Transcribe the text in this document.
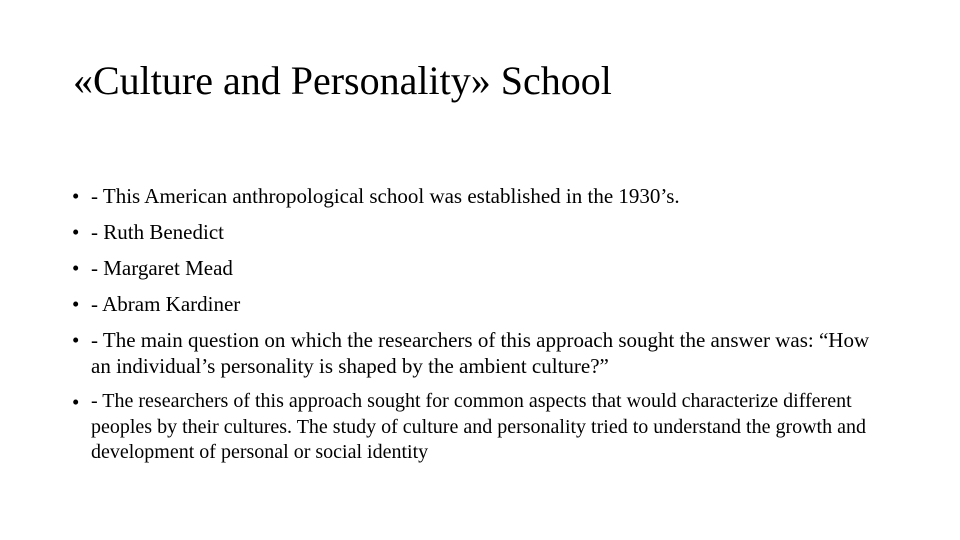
«Culture and Personality» School
• - This American anthropological school was established in the 1930’s.
• - Ruth Benedict
• - Margaret Mead
• - Abram Kardiner
• - The main question on which the researchers of this approach sought the answer was: “How an individual’s personality is shaped by the ambient culture?”
• - The researchers of this approach sought for common aspects that would characterize different peoples by their cultures. The study of culture and personality tried to understand the growth and development of personal or social identity
